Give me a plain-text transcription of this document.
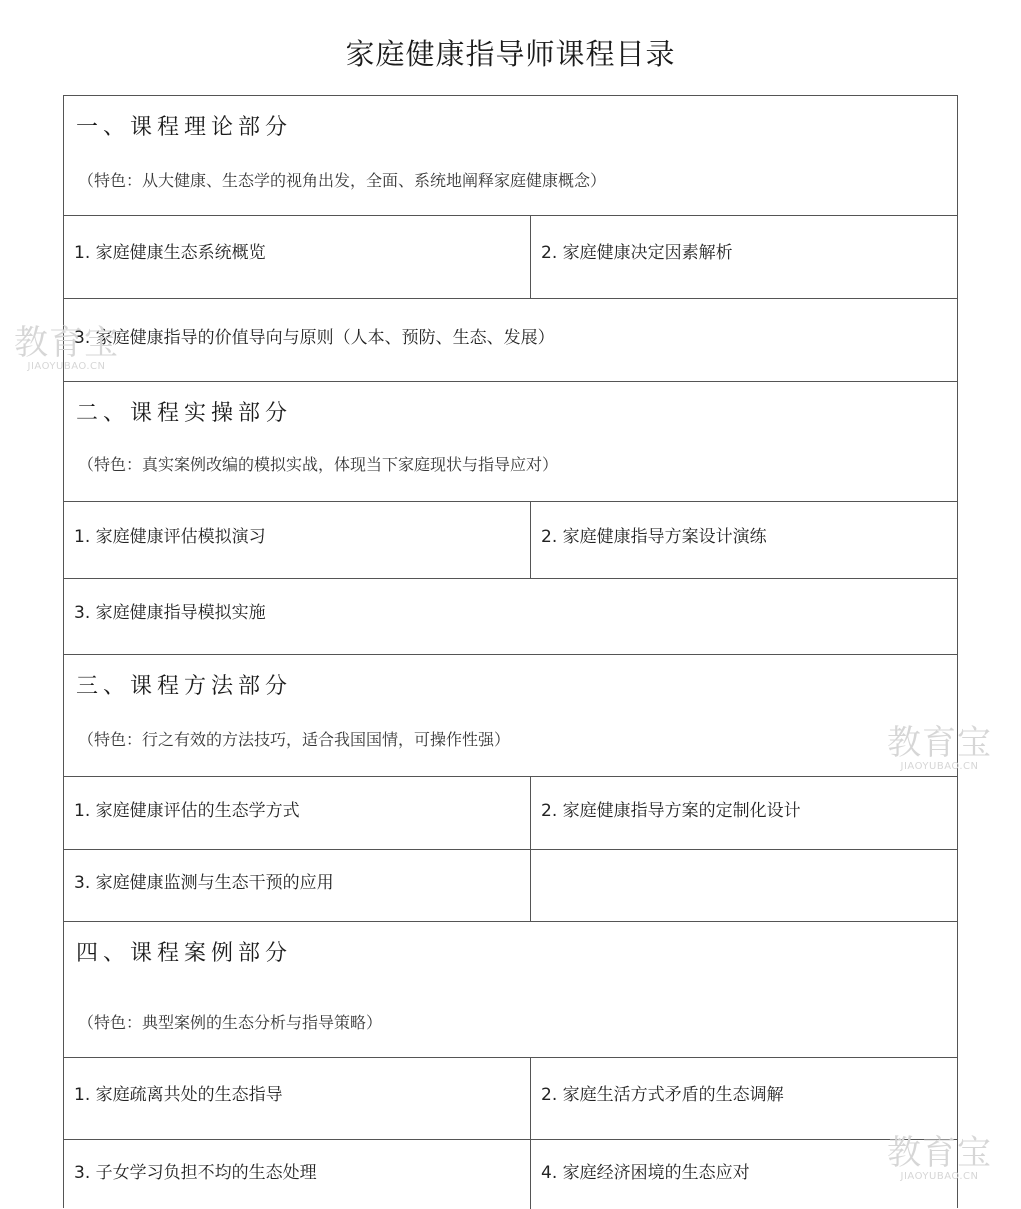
家庭健康指导师课程目录
一、课程理论部分
（特色：从大健康、生态学的视角出发，全面、系统地阐释家庭健康概念）
1. 家庭健康生态系统概览	2. 家庭健康决定因素解析
3. 家庭健康指导的价值导向与原则（人本、预防、生态、发展）
二、课程实操部分
（特色：真实案例改编的模拟实战，体现当下家庭现状与指导应对）
1. 家庭健康评估模拟演习	2. 家庭健康指导方案设计演练
3. 家庭健康指导模拟实施
三、课程方法部分
（特色：行之有效的方法技巧，适合我国国情，可操作性强）
1. 家庭健康评估的生态学方式	2. 家庭健康指导方案的定制化设计
3. 家庭健康监测与生态干预的应用
四、课程案例部分
（特色：典型案例的生态分析与指导策略）
1. 家庭疏离共处的生态指导	2. 家庭生活方式矛盾的生态调解
3. 子女学习负担不均的生态处理	4. 家庭经济困境的生态应对
教育宝
JIAOYUBAO.CN
教育宝
JIAOYUBAO.CN
教育宝
JIAOYUBAO.CN
